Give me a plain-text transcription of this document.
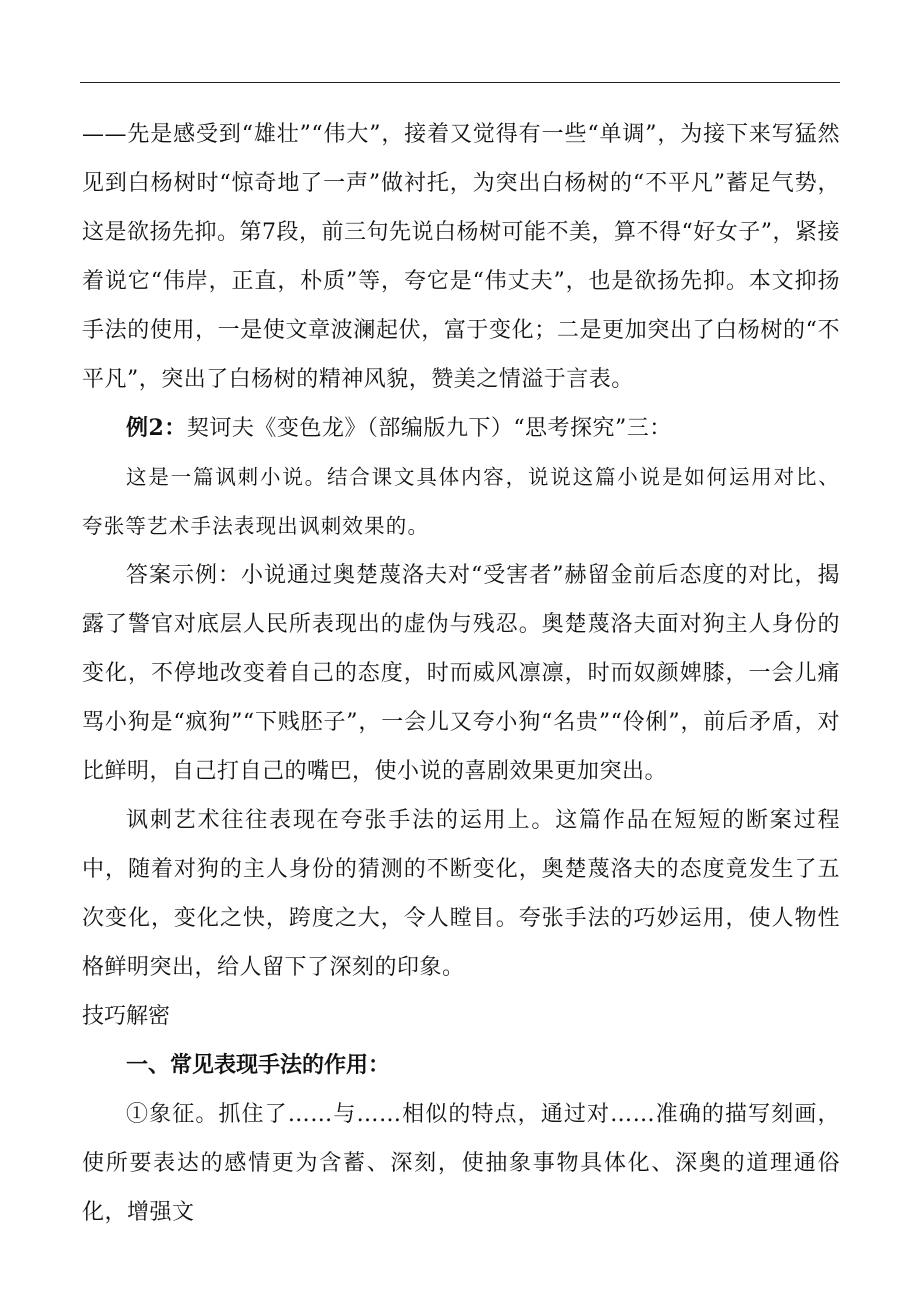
——先是感受到“雄壮”“伟大”，接着又觉得有一些“单调”，为接下来写猛然见到白杨树时“惊奇地了一声”做衬托，为突出白杨树的“不平凡”蓄足气势，这是欲扬先抑。第7段，前三句先说白杨树可能不美，算不得“好女子”，紧接着说它“伟岸，正直，朴质”等，夸它是“伟丈夫”，也是欲扬先抑。本文抑扬手法的使用，一是使文章波澜起伏，富于变化；二是更加突出了白杨树的“不平凡”，突出了白杨树的精神风貌，赞美之情溢于言表。

例2：契诃夫《变色龙》（部编版九下）“思考探究”三：

这是一篇讽刺小说。结合课文具体内容，说说这篇小说是如何运用对比、夸张等艺术手法表现出讽刺效果的。

答案示例：小说通过奥楚蔑洛夫对“受害者”赫留金前后态度的对比，揭露了警官对底层人民所表现出的虚伪与残忍。奥楚蔑洛夫面对狗主人身份的变化，不停地改变着自己的态度，时而威风凛凛，时而奴颜婢膝，一会儿痛骂小狗是“疯狗”“下贱胚子”，一会儿又夸小狗“名贵”“伶俐”，前后矛盾，对比鲜明，自己打自己的嘴巴，使小说的喜剧效果更加突出。

讽刺艺术往往表现在夸张手法的运用上。这篇作品在短短的断案过程中，随着对狗的主人身份的猜测的不断变化，奥楚蔑洛夫的态度竟发生了五次变化，变化之快，跨度之大，令人瞠目。夸张手法的巧妙运用，使人物性格鲜明突出，给人留下了深刻的印象。

技巧解密

一、常见表现手法的作用：

①象征。抓住了……与……相似的特点，通过对……准确的描写刻画，使所要表达的感情更为含蓄、深刻，使抽象事物具体化、深奥的道理通俗化，增强文
